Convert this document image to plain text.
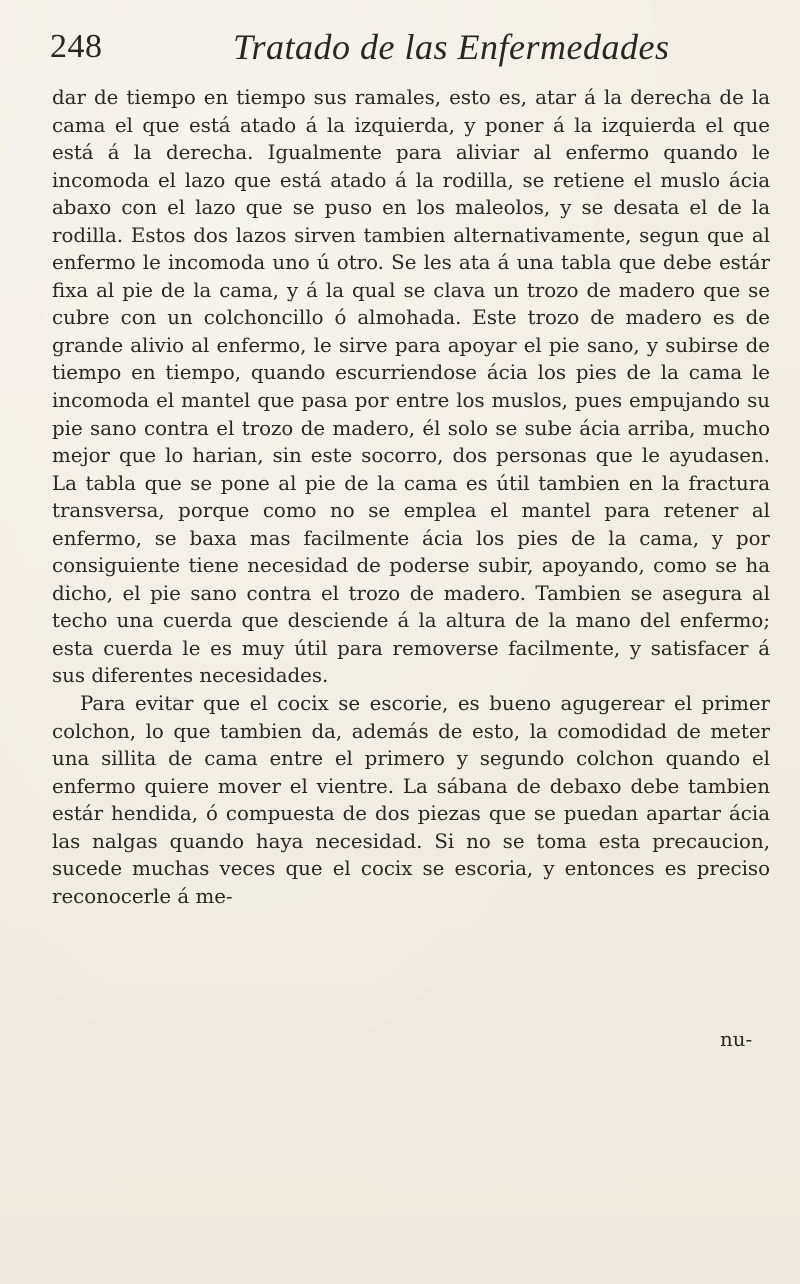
248	Tratado de las Enfermedades

dar de tiempo en tiempo sus ramales, esto es, atar á la derecha de la cama el que está atado á la izquierda, y poner á la izquierda el que está á la derecha. Igualmente para aliviar al enfermo quando le incomoda el lazo que está atado á la rodilla, se retiene el muslo ácia abaxo con el lazo que se puso en los maleolos, y se desata el de la rodilla. Estos dos lazos sirven tambien alternativamente, segun que al enfermo le incomoda uno ú otro. Se les ata á una tabla que debe estár fixa al pie de la cama, y á la qual se clava un trozo de madero que se cubre con un colchoncillo ó almohada. Este trozo de madero es de grande alivio al enfermo, le sirve para apoyar el pie sano, y subirse de tiempo en tiempo, quando escurriendose ácia los pies de la cama le incomoda el mantel que pasa por entre los muslos, pues empujando su pie sano contra el trozo de madero, él solo se sube ácia arriba, mucho mejor que lo harian, sin este socorro, dos personas que le ayudasen. La tabla que se pone al pie de la cama es útil tambien en la fractura transversa, porque como no se emplea el mantel para retener al enfermo, se baxa mas facilmente ácia los pies de la cama, y por consiguiente tiene necesidad de poderse subir, apoyando, como se ha dicho, el pie sano contra el trozo de madero. Tambien se asegura al techo una cuerda que desciende á la altura de la mano del enfermo; esta cuerda le es muy útil para removerse facilmente, y satisfacer á sus diferentes necesidades.

Para evitar que el cocix se escorie, es bueno agugerear el primer colchon, lo que tambien da, además de esto, la comodidad de meter una sillita de cama entre el primero y segundo colchon quando el enfermo quiere mover el vientre. La sábana de debaxo debe tambien estár hendida, ó compuesta de dos piezas que se puedan apartar ácia las nalgas quando haya necesidad. Si no se toma esta precaucion, sucede muchas veces que el cocix se escoria, y entonces es preciso reconocerle á me-

nu-
